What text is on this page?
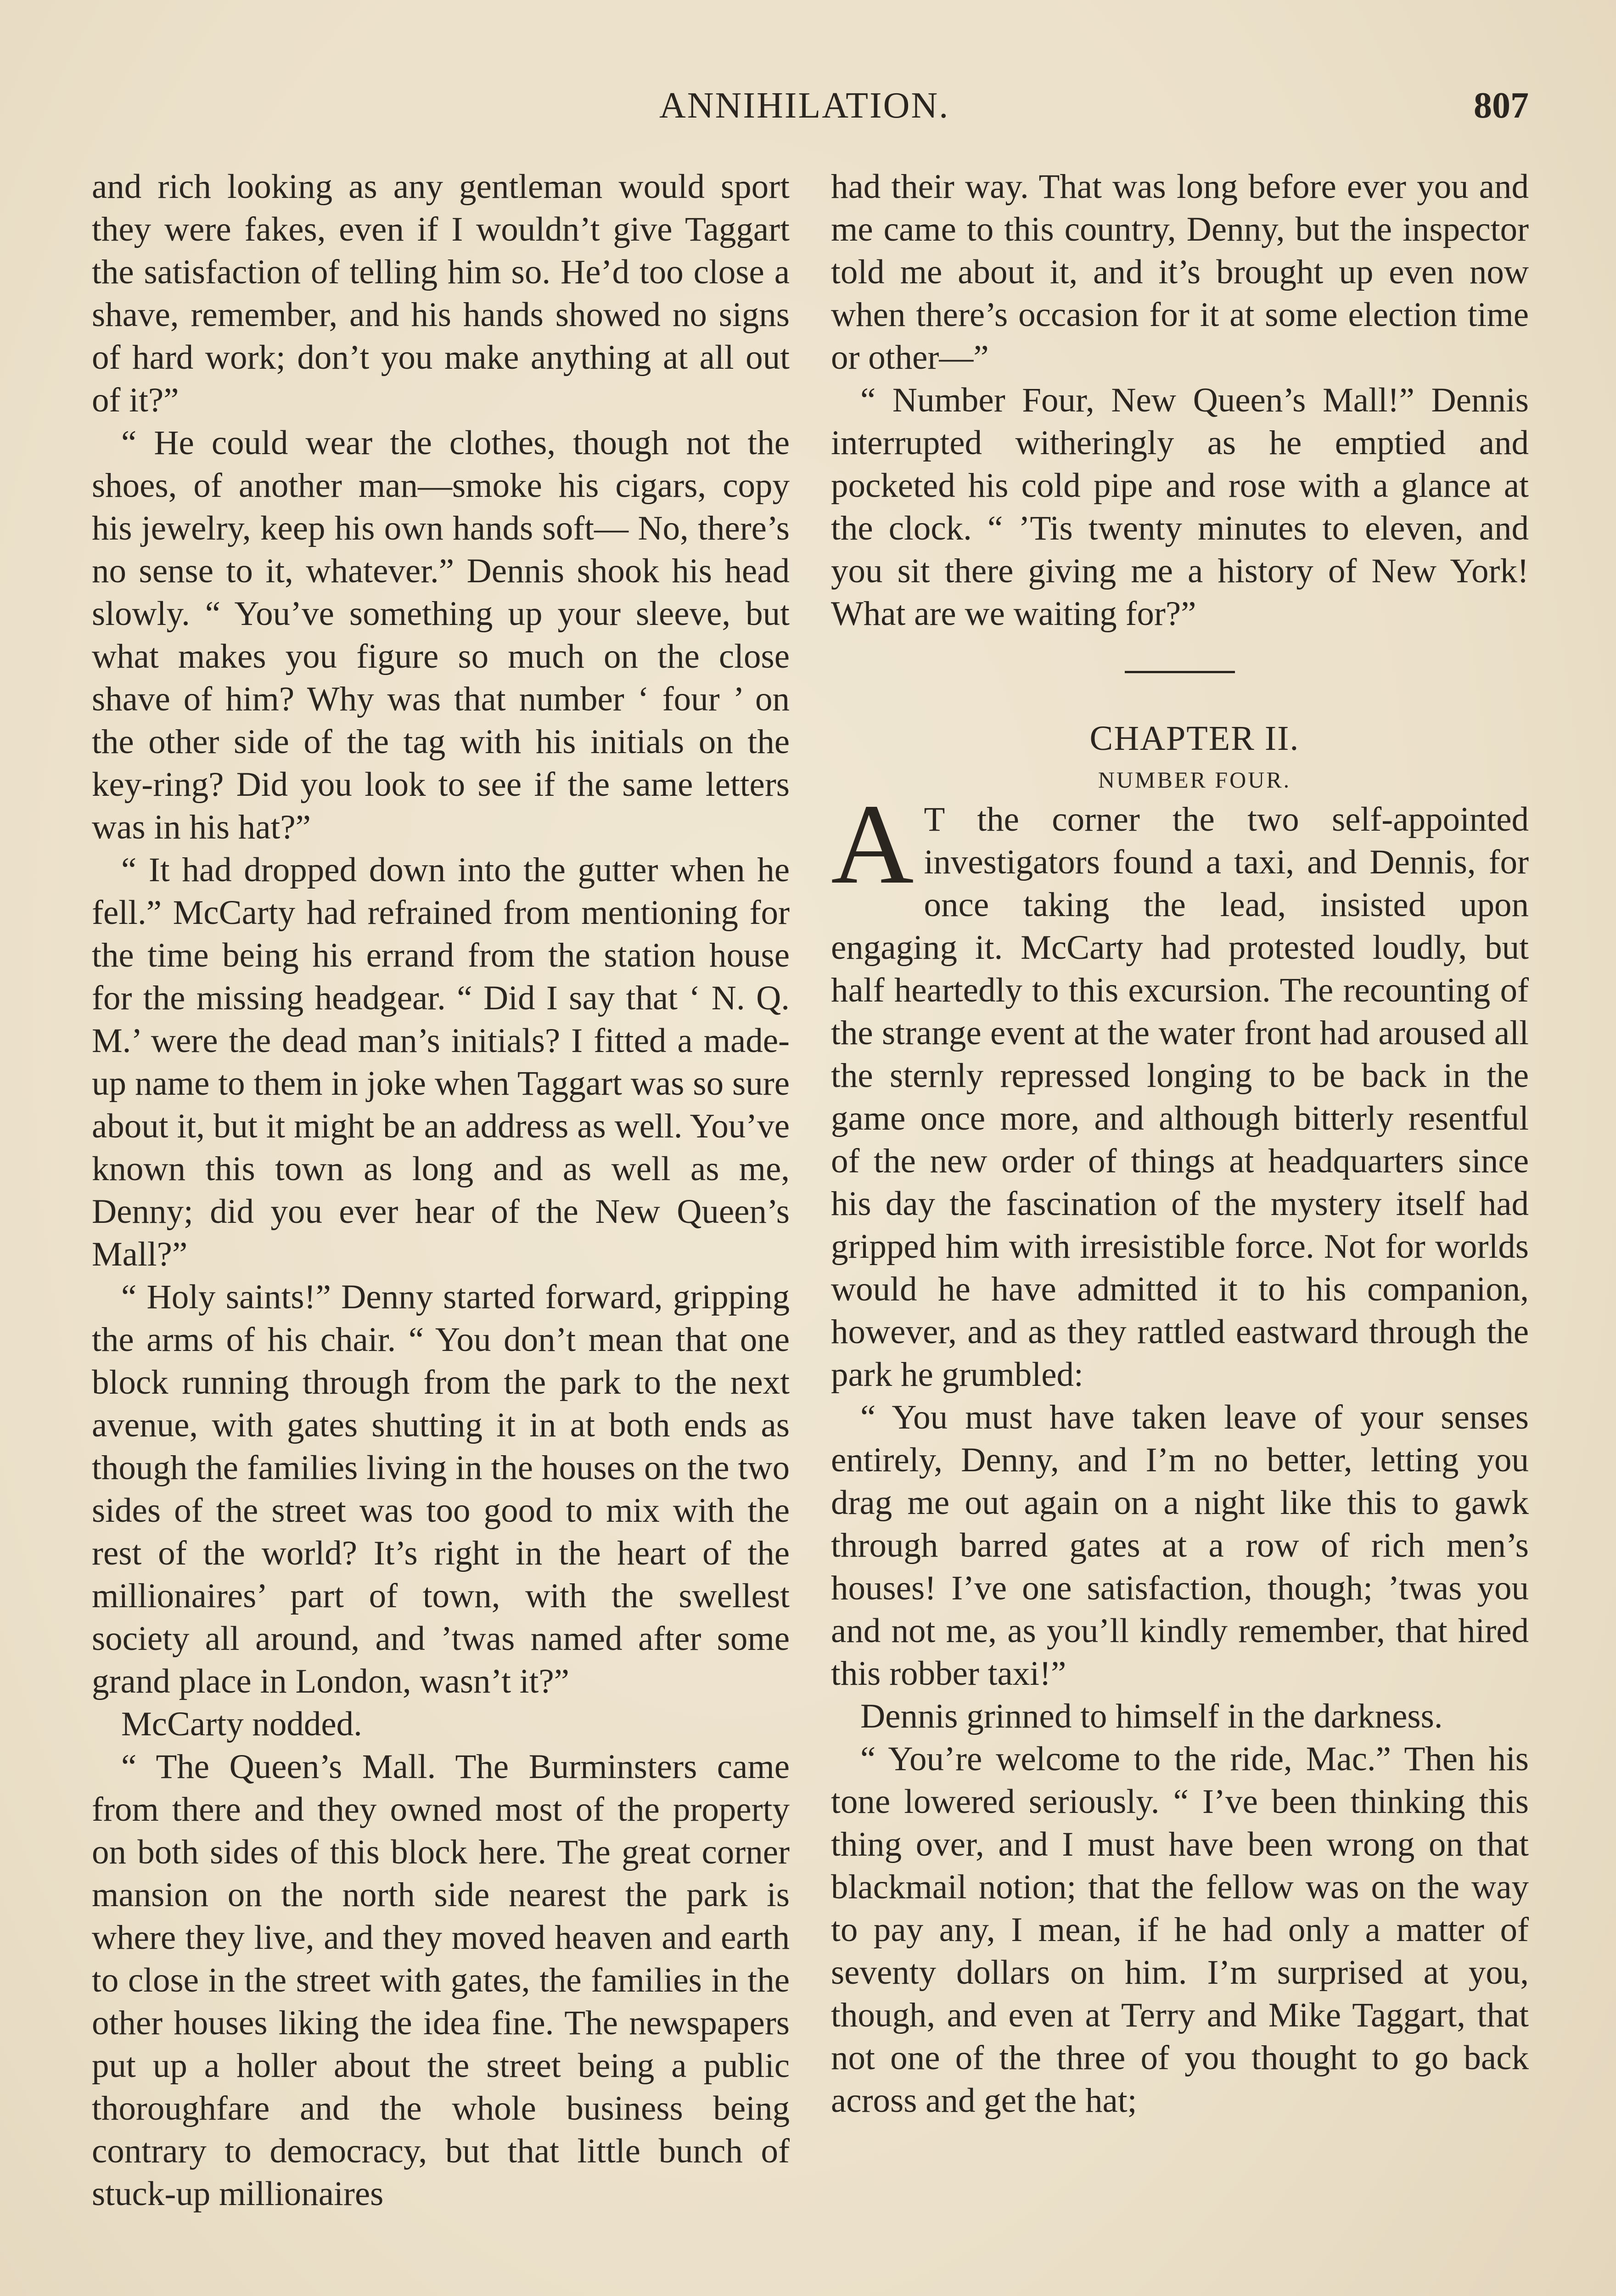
ANNIHILATION.	807

and rich looking as any gentleman would sport they were fakes, even if I wouldn’t give Taggart the satisfaction of telling him so. He’d too close a shave, remember, and his hands showed no signs of hard work; don’t you make anything at all out of it?”

“ He could wear the clothes, though not the shoes, of another man—smoke his cigars, copy his jewelry, keep his own hands soft— No, there’s no sense to it, whatever.” Dennis shook his head slowly. “ You’ve something up your sleeve, but what makes you figure so much on the close shave of him? Why was that number ‘ four ’ on the other side of the tag with his initials on the key-ring? Did you look to see if the same letters was in his hat?”

“ It had dropped down into the gutter when he fell.” McCarty had refrained from mentioning for the time being his errand from the station house for the missing headgear. “ Did I say that ‘ N. Q. M.’ were the dead man’s initials? I fitted a made-up name to them in joke when Taggart was so sure about it, but it might be an address as well. You’ve known this town as long and as well as me, Denny; did you ever hear of the New Queen’s Mall?”

“ Holy saints!” Denny started forward, gripping the arms of his chair. “ You don’t mean that one block running through from the park to the next avenue, with gates shutting it in at both ends as though the families living in the houses on the two sides of the street was too good to mix with the rest of the world? It’s right in the heart of the millionaires’ part of town, with the swellest society all around, and ’twas named after some grand place in London, wasn’t it?”

McCarty nodded.

“ The Queen’s Mall. The Burminsters came from there and they owned most of the property on both sides of this block here. The great corner mansion on the north side nearest the park is where they live, and they moved heaven and earth to close in the street with gates, the families in the other houses liking the idea fine. The newspapers put up a holler about the street being a public thoroughfare and the whole business being contrary to democracy, but that little bunch of stuck-up millionaires

had their way. That was long before ever you and me came to this country, Denny, but the inspector told me about it, and it’s brought up even now when there’s occasion for it at some election time or other—”

“ Number Four, New Queen’s Mall!” Dennis interrupted witheringly as he emptied and pocketed his cold pipe and rose with a glance at the clock. “ ’Tis twenty minutes to eleven, and you sit there giving me a history of New York! What are we waiting for?”

CHAPTER II.

NUMBER FOUR.

A T the corner the two self-appointed investigators found a taxi, and Dennis, for once taking the lead, insisted upon engaging it. McCarty had protested loudly, but half heartedly to this excursion. The recounting of the strange event at the water front had aroused all the sternly repressed longing to be back in the game once more, and although bitterly resentful of the new order of things at headquarters since his day the fascination of the mystery itself had gripped him with irresistible force. Not for worlds would he have admitted it to his companion, however, and as they rattled eastward through the park he grumbled:

“ You must have taken leave of your senses entirely, Denny, and I’m no better, letting you drag me out again on a night like this to gawk through barred gates at a row of rich men’s houses! I’ve one satisfaction, though; ’twas you and not me, as you’ll kindly remember, that hired this robber taxi!”

Dennis grinned to himself in the darkness.

“ You’re welcome to the ride, Mac.” Then his tone lowered seriously. “ I’ve been thinking this thing over, and I must have been wrong on that blackmail notion; that the fellow was on the way to pay any, I mean, if he had only a matter of seventy dollars on him. I’m surprised at you, though, and even at Terry and Mike Taggart, that not one of the three of you thought to go back across and get the hat;
